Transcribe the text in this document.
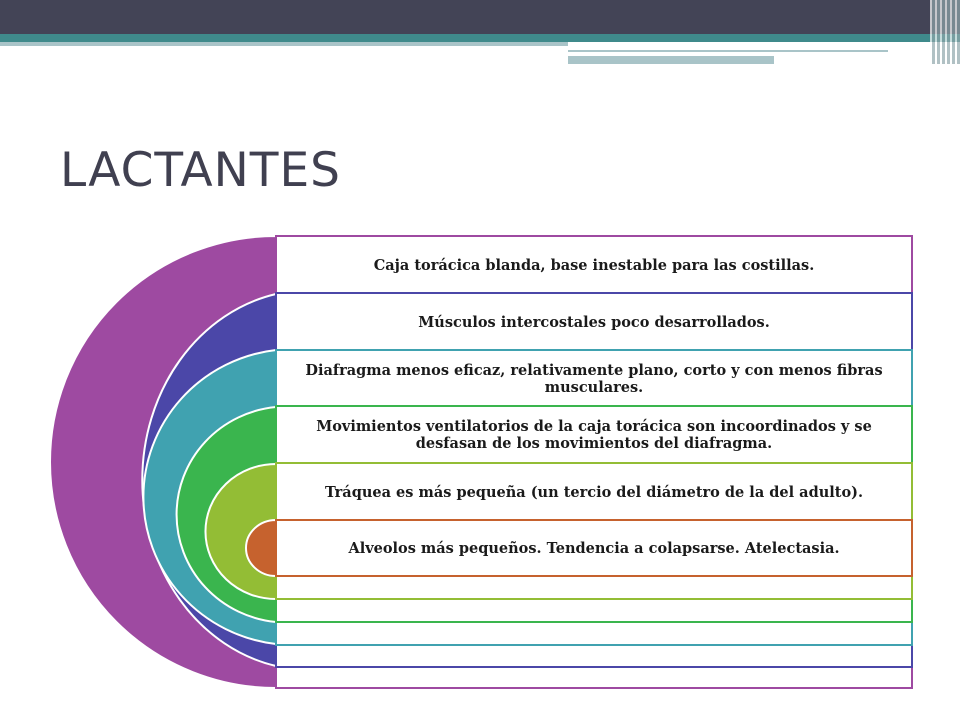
LACTANTES
Caja torácica blanda, base inestable para las costillas.
Músculos intercostales poco desarrollados.
Diafragma menos eficaz, relativamente plano, corto y con menos fibras musculares.
Movimientos ventilatorios de la caja torácica son incoordinados y se desfasan de los movimientos del diafragma.
Tráquea es más pequeña (un tercio del diámetro de la del adulto).
Alveolos más pequeños. Tendencia a colapsarse. Atelectasia.
